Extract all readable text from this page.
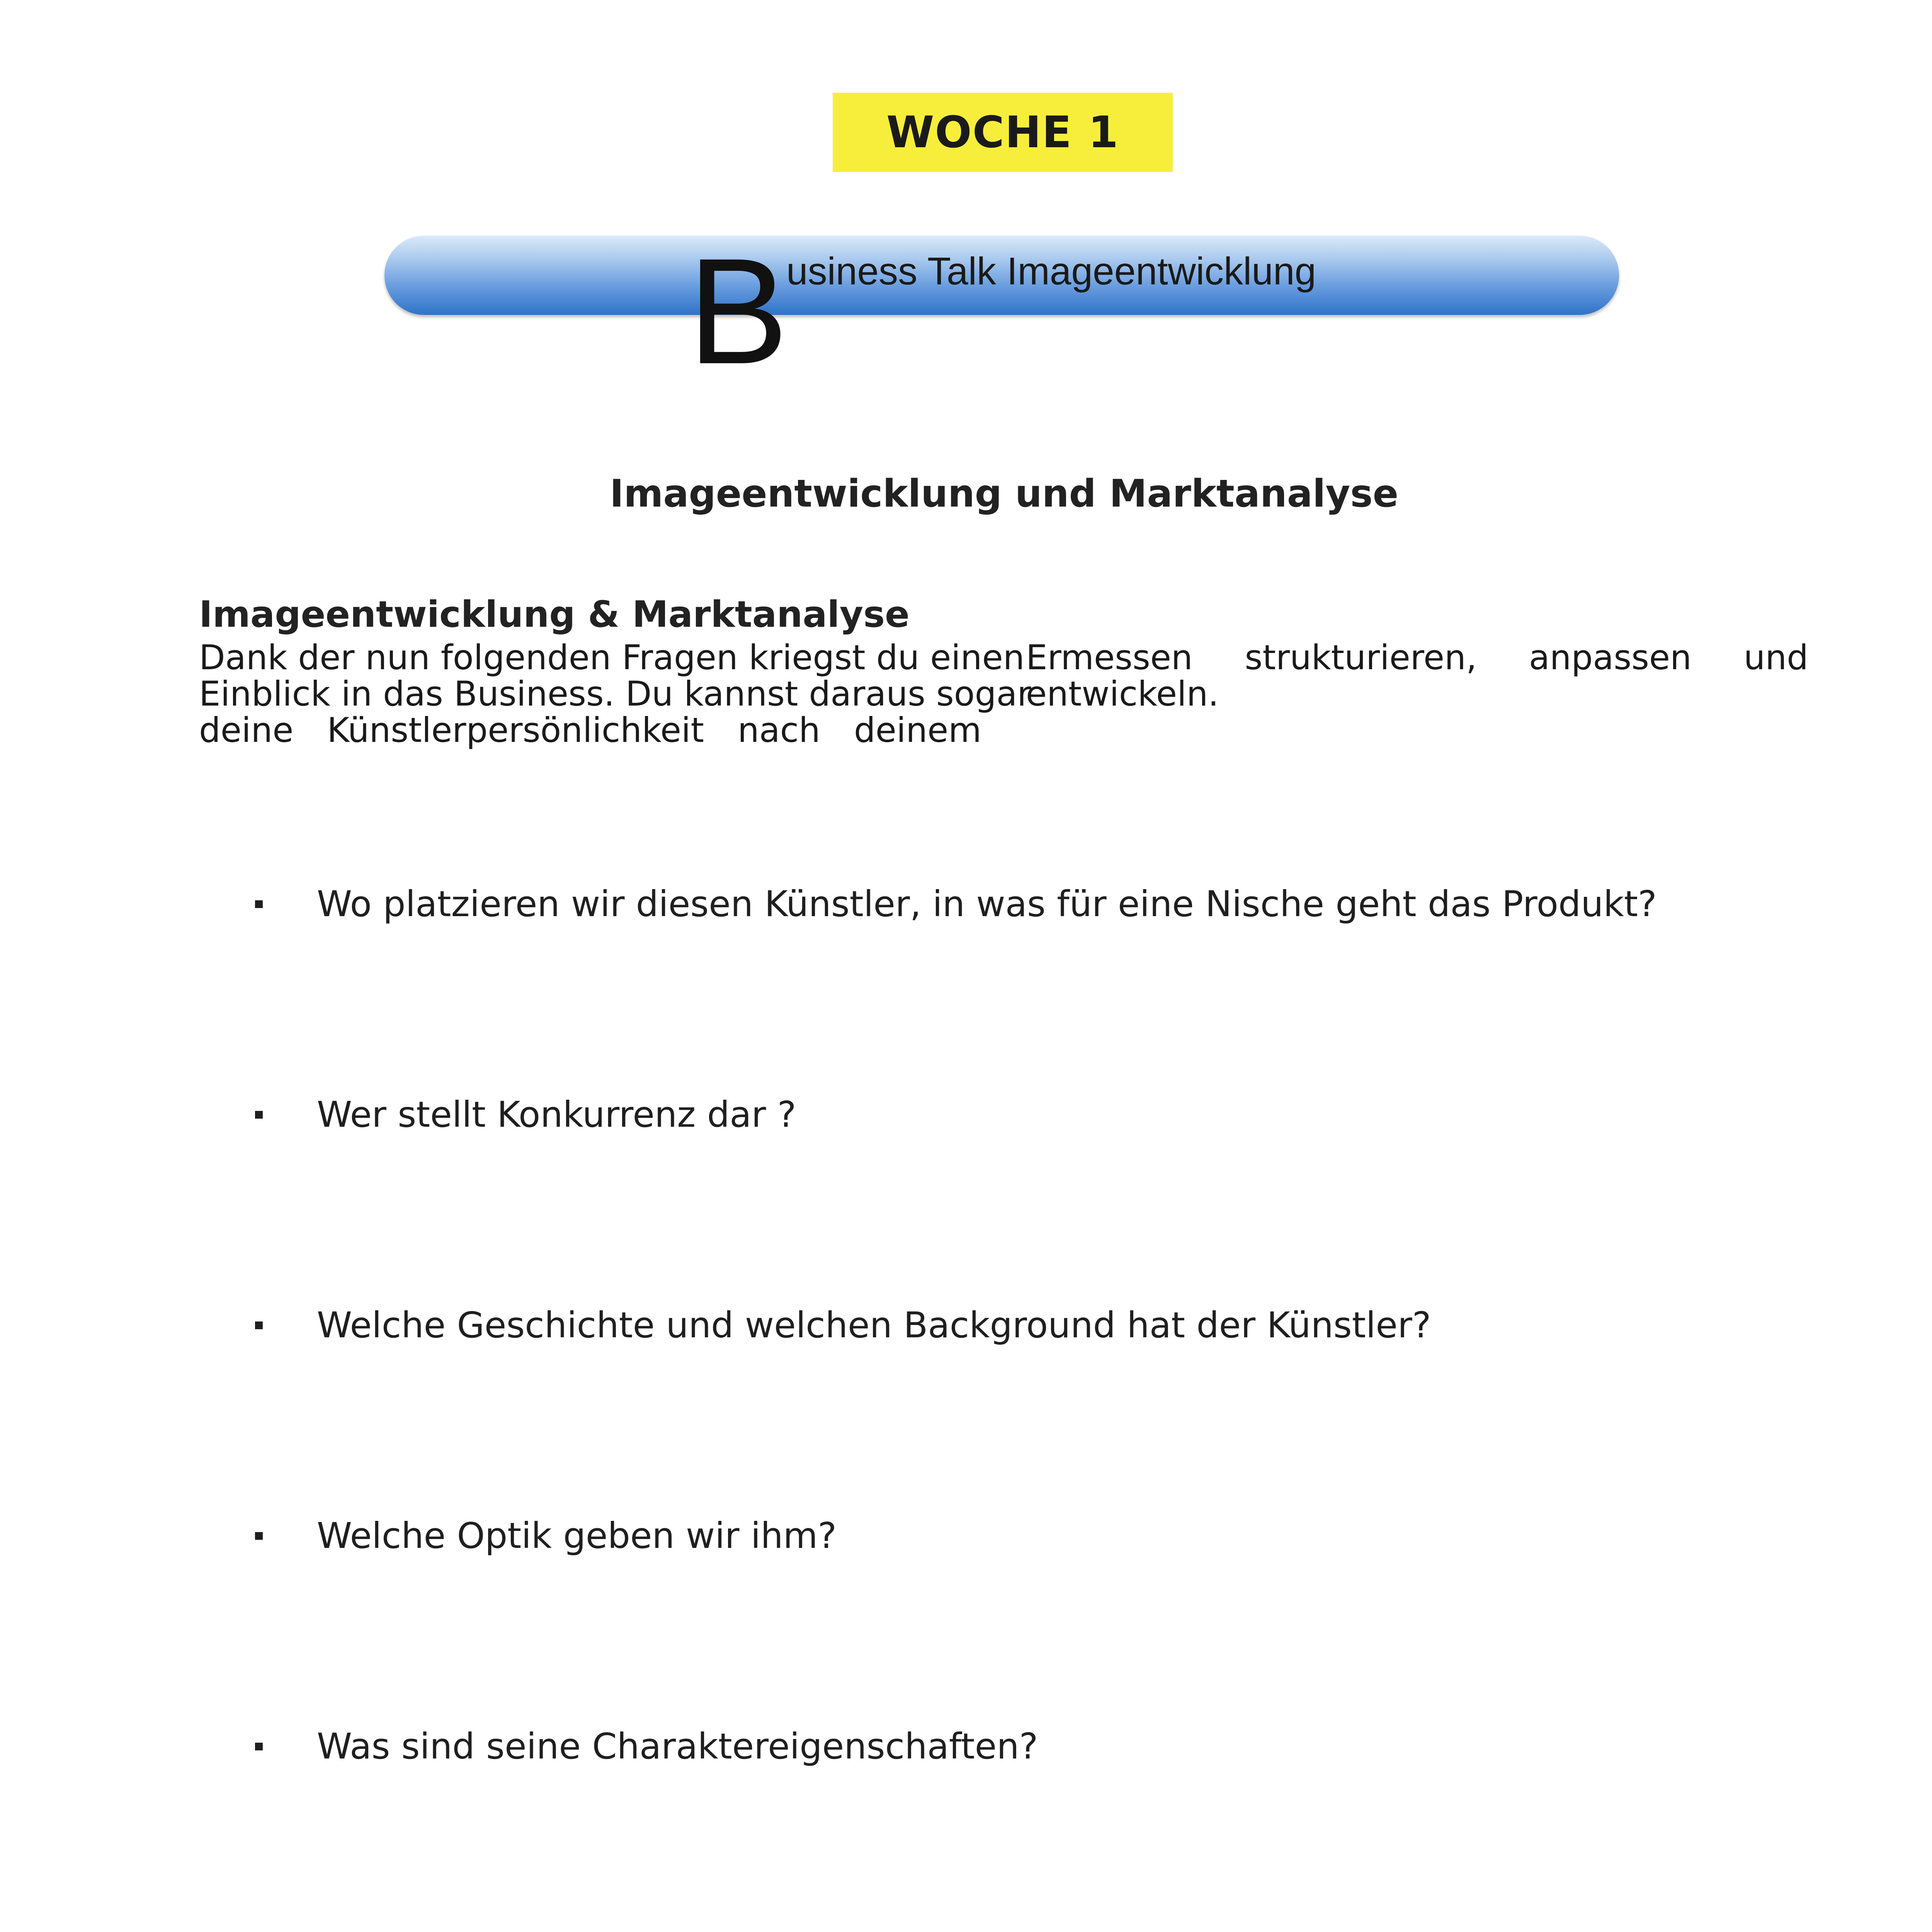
WOCHE 1
B
usiness Talk Imageentwicklung
Imageentwicklung und Marktanalyse
Imageentwicklung & Marktanalyse
Dank der nun folgenden Fragen kriegst du einen
Einblick in das Business. Du kannst daraus sogar
deine Künstlerpersönlichkeit nach deinem
Ermessen strukturieren, anpassen und
entwickeln.
Wo platzieren wir diesen Künstler, in was für eine Nische geht das Produkt?
Wer stellt Konkurrenz dar ?
Welche Geschichte und welchen Background hat der Künstler?
Welche Optik geben wir ihm?
Was sind seine Charaktereigenschaften?
